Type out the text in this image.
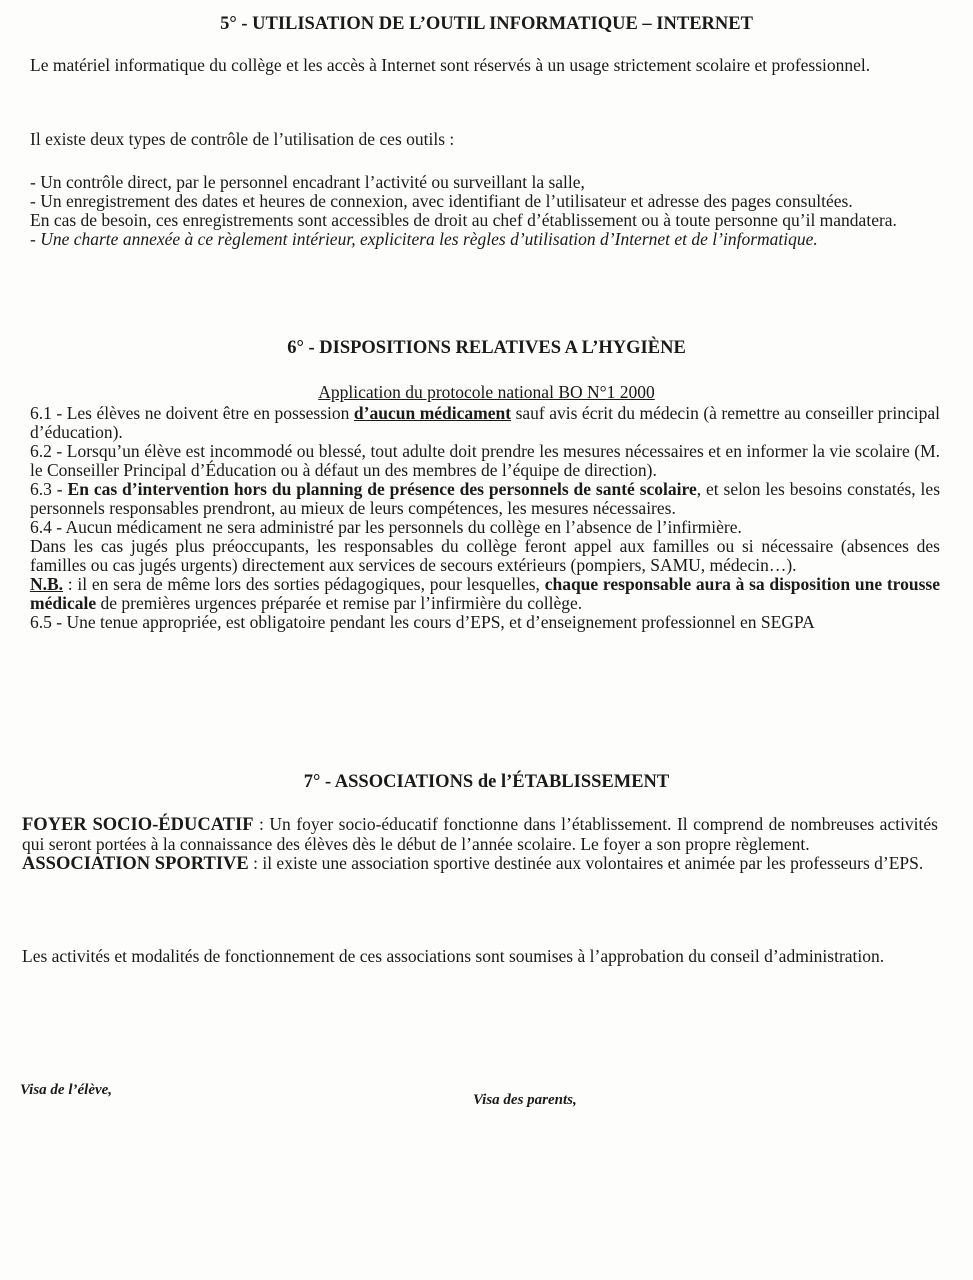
5° - UTILISATION DE L’OUTIL INFORMATIQUE – INTERNET
Le matériel informatique du collège et les accès à Internet sont réservés à un usage strictement scolaire et professionnel.
Il existe deux types de contrôle de l’utilisation de ces outils :

- Un contrôle direct, par le personnel encadrant l’activité ou surveillant la salle,

- Un enregistrement des dates et heures de connexion, avec identifiant de l’utilisateur et adresse des pages consultées.

En cas de besoin, ces enregistrements sont accessibles de droit au chef d’établissement ou à toute personne qu’il mandatera.

- Une charte annexée à ce règlement intérieur, explicitera les règles d’utilisation d’Internet et de l’informatique.

6° - DISPOSITIONS RELATIVES A L’HYGIÈNE
Application du protocole national BO N°1 2000

6.1 - Les élèves ne doivent être en possession d’aucun médicament sauf avis écrit du médecin (à remettre au conseiller principal d’éducation).

6.2 - Lorsqu’un élève est incommodé ou blessé, tout adulte doit prendre les mesures nécessaires et en informer la vie scolaire (M. le Conseiller Principal d’Éducation ou à défaut un des membres de l’équipe de direction).

6.3 - En cas d’intervention hors du planning de présence des personnels de santé scolaire, et selon les besoins constatés, les personnels responsables prendront, au mieux de leurs compétences, les mesures nécessaires.

6.4 - Aucun médicament ne sera administré par les personnels du collège en l’absence de l’infirmière.

Dans les cas jugés plus préoccupants, les responsables du collège feront appel aux familles ou si nécessaire (absences des familles ou cas jugés urgents) directement aux services de secours extérieurs (pompiers, SAMU, médecin…).

N.B. : il en sera de même lors des sorties pédagogiques, pour lesquelles, chaque responsable aura à sa disposition une trousse médicale de premières urgences préparée et remise par l’infirmière du collège.

6.5 - Une tenue appropriée, est obligatoire pendant les cours d’EPS, et d’enseignement professionnel en SEGPA

7° - ASSOCIATIONS de l’ÉTABLISSEMENT

FOYER SOCIO-ÉDUCATIF : Un foyer socio-éducatif fonctionne dans l’établissement. Il comprend de nombreuses activités qui seront portées à la connaissance des élèves dès le début de l’année scolaire. Le foyer a son propre règlement.

ASSOCIATION SPORTIVE : il existe une association sportive destinée aux volontaires et animée par les professeurs d’EPS.

Les activités et modalités de fonctionnement de ces associations sont soumises à l’approbation du conseil d’administration.
Visa de l’élève,
Visa des parents,
